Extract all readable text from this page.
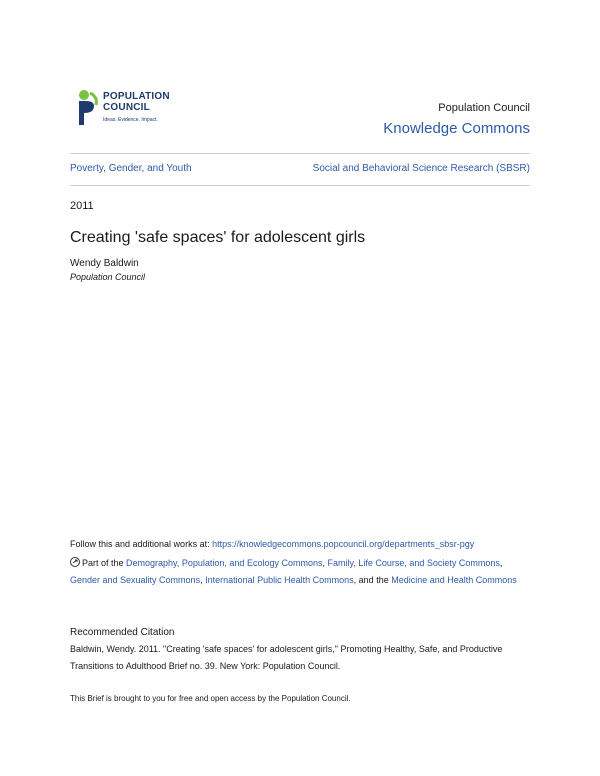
POPULATION
COUNCIL
Ideas. Evidence. Impact.
Population Council
Knowledge Commons
Poverty, Gender, and Youth	Social and Behavioral Science Research (SBSR)
2011
Creating 'safe spaces' for adolescent girls
Wendy Baldwin
Population Council
Follow this and additional works at: https://knowledgecommons.popcouncil.org/departments_sbsr-pgy
Part of the Demography, Population, and Ecology Commons, Family, Life Course, and Society Commons, Gender and Sexuality Commons, International Public Health Commons, and the Medicine and Health Commons
Recommended Citation
Baldwin, Wendy. 2011. "Creating 'safe spaces' for adolescent girls," Promoting Healthy, Safe, and Productive Transitions to Adulthood Brief no. 39. New York: Population Council.
This Brief is brought to you for free and open access by the Population Council.
